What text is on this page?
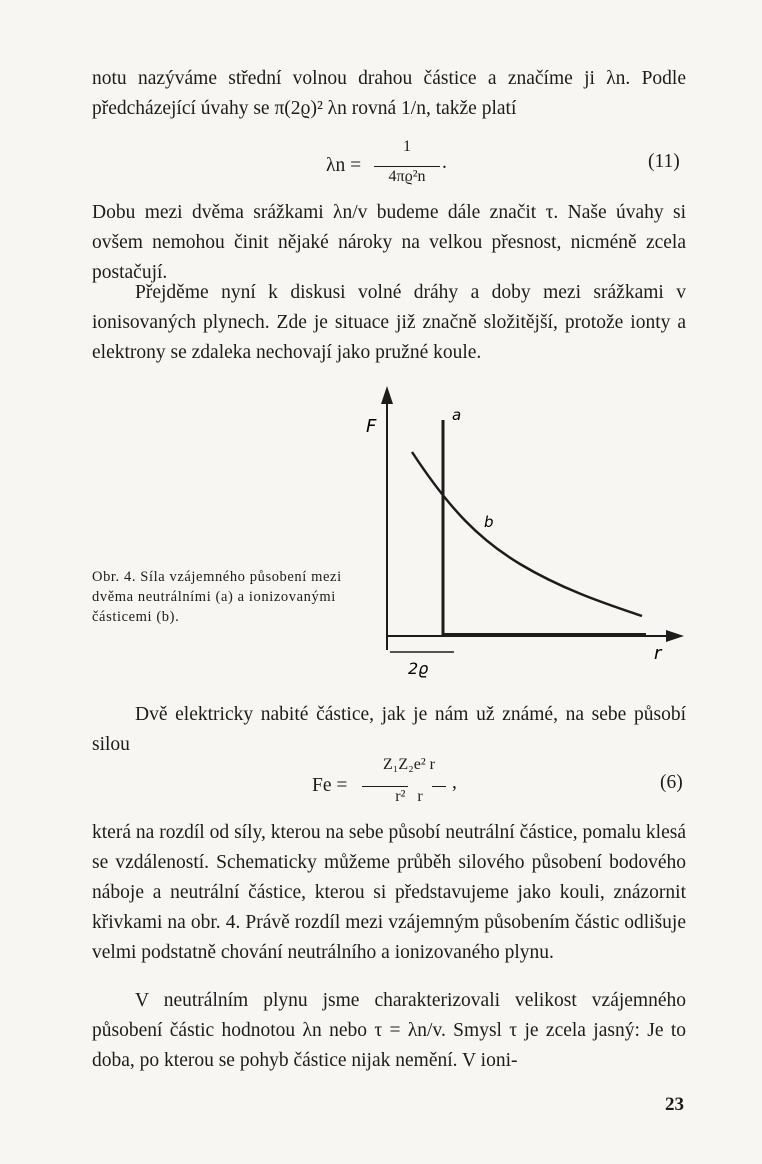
notu nazýváme střední volnou drahou částice a značíme ji λn. Podle předcházející úvahy se π(2ϱ)² λn rovná 1/n, takže platí

λn =
1
4πϱ²n
.	(11)

Dobu mezi dvěma srážkami λn/v budeme dále značit τ. Naše úvahy si ovšem nemohou činit nějaké nároky na velkou přesnost, nicméně zcela postačují.

Přejděme nyní k diskusi volné dráhy a doby mezi srážkami v ionisovaných plynech. Zde je situace již značně složitější, protože ionty a elektrony se zdaleka nechovají jako pružné koule.

F
r
a
b
2ϱ
Obr. 4. Síla vzájemného působení mezi dvěma neutrálními (a) a ionizovanými částicemi (b).

Dvě elektricky nabité částice, jak je nám už známé, na sebe působí silou

Fe =
Z₁Z₂e² r
r²   r
,	(6)

která na rozdíl od síly, kterou na sebe působí neutrální částice, pomalu klesá se vzdáleností. Schematicky můžeme průběh silového působení bodového náboje a neutrální částice, kterou si představujeme jako kouli, znázornit křivkami na obr. 4. Právě rozdíl mezi vzájemným působením částic odlišuje velmi podstatně chování neutrálního a ionizovaného plynu.

V neutrálním plynu jsme charakterizovali velikost vzájemného působení částic hodnotou λn nebo τ = λn/v. Smysl τ je zcela jasný: Je to doba, po kterou se pohyb částice nijak nemění. V ioni-

23
